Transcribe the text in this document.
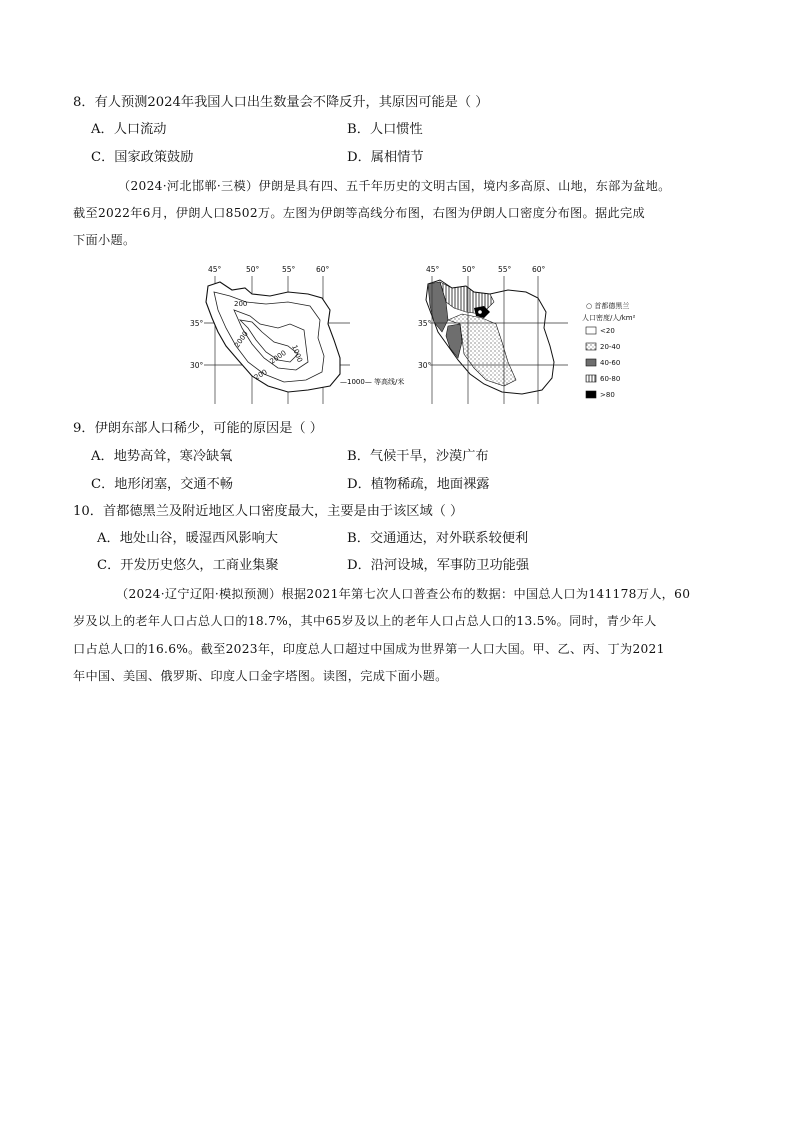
8．有人预测2024年我国人口出生数量会不降反升，其原因可能是（ ）
A．人口流动	B．人口惯性
C．国家政策鼓励	D．属相情节
（2024·河北邯郸·三模）伊朗是具有四、五千年历史的文明古国，境内多高原、山地，东部为盆地。
截至2022年6月，伊朗人口8502万。左图为伊朗等高线分布图，右图为伊朗人口密度分布图。据此完成
下面小题。
45°	50°	55°	60°
35°
30°
200
2000
1000
2000
200
—1000— 等高线/米
45°	50°	55°	60°
35°
30°
○ 首都德黑兰
人口密度/人/km²
<20
20-40
40-60
60-80
>80
9．伊朗东部人口稀少，可能的原因是（ ）
A．地势高耸，寒冷缺氧	B．气候干旱，沙漠广布
C．地形闭塞，交通不畅	D．植物稀疏，地面裸露
10．首都德黑兰及附近地区人口密度最大，主要是由于该区域（ ）
A．地处山谷，暖湿西风影响大	B．交通通达，对外联系较便利
C．开发历史悠久，工商业集聚	D．沿河设城，军事防卫功能强
（2024·辽宁辽阳·模拟预测）根据2021年第七次人口普查公布的数据：中国总人口为141178万人，60
岁及以上的老年人口占总人口的18.7%，其中65岁及以上的老年人口占总人口的13.5%。同时，青少年人
口占总人口的16.6%。截至2023年，印度总人口超过中国成为世界第一人口大国。甲、乙、丙、丁为2021
年中国、美国、俄罗斯、印度人口金字塔图。读图，完成下面小题。
